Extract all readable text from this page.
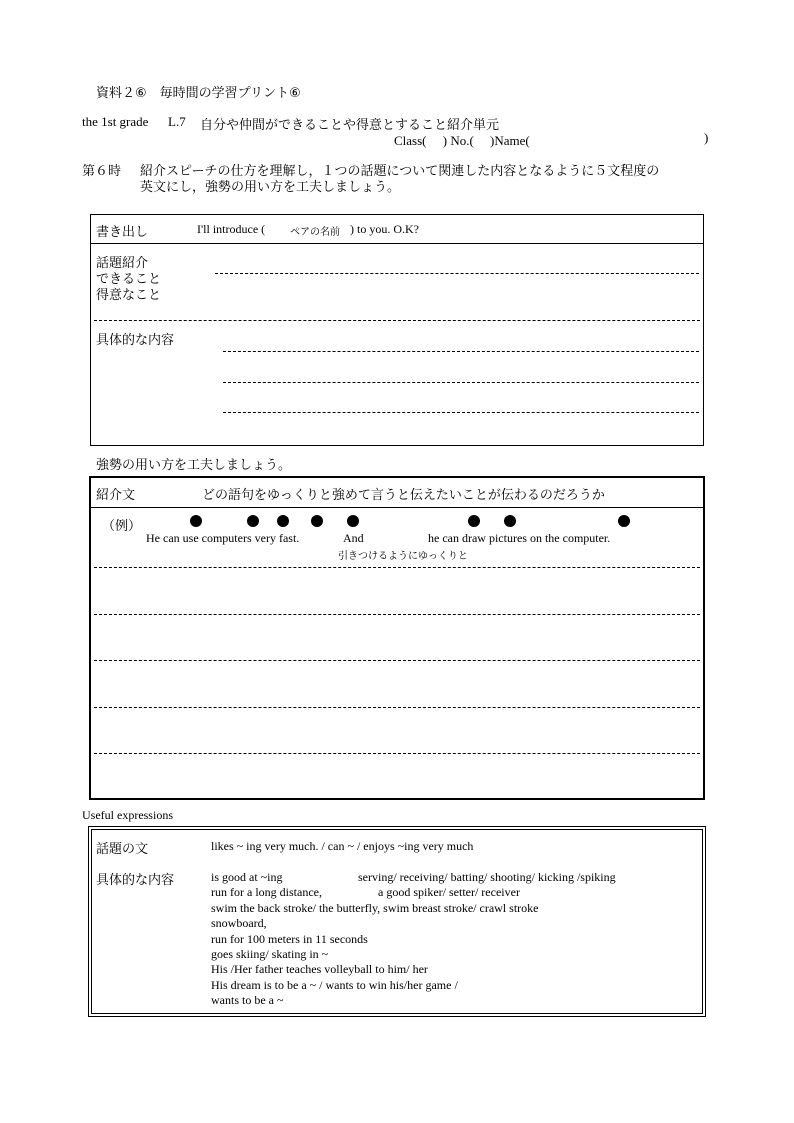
資料２⑥　毎時間の学習プリント⑥
the 1st grade L.7 自分や仲間ができることや得意とすること紹介単元
Class(　 ) No.(　 )Name(	)
第６時 紹介スピーチの仕方を理解し，１つの話題について関連した内容となるように５文程度の
英文にし，強勢の用い方を工夫しましょう。
書き出し	I'll introduce ( ペアの名前 ) to you. O.K?
話題紹介
できること
得意なこと
具体的な内容
強勢の用い方を工夫しましょう。
紹介文	どの語句をゆっくりと強めて言うと伝えたいことが伝わるのだろうか
（例）
He can use computers very fast.	And	he can draw pictures on the computer.
引きつけるようにゆっくりと
Useful expressions
話題の文	likes ~ ing very much. / can ~ / enjoys ~ing very much
具体的な内容	is good at ~ing	serving/ receiving/ batting/ shooting/ kicking /spiking
run for a long distance,	a good spiker/ setter/ receiver
swim the back stroke/ the butterfly, swim breast stroke/ crawl stroke
snowboard,
run for 100 meters in 11 seconds
goes skiing/ skating in ~
His /Her father teaches volleyball to him/ her
His dream is to be a ~ / wants to win his/her game /
wants to be a ~
